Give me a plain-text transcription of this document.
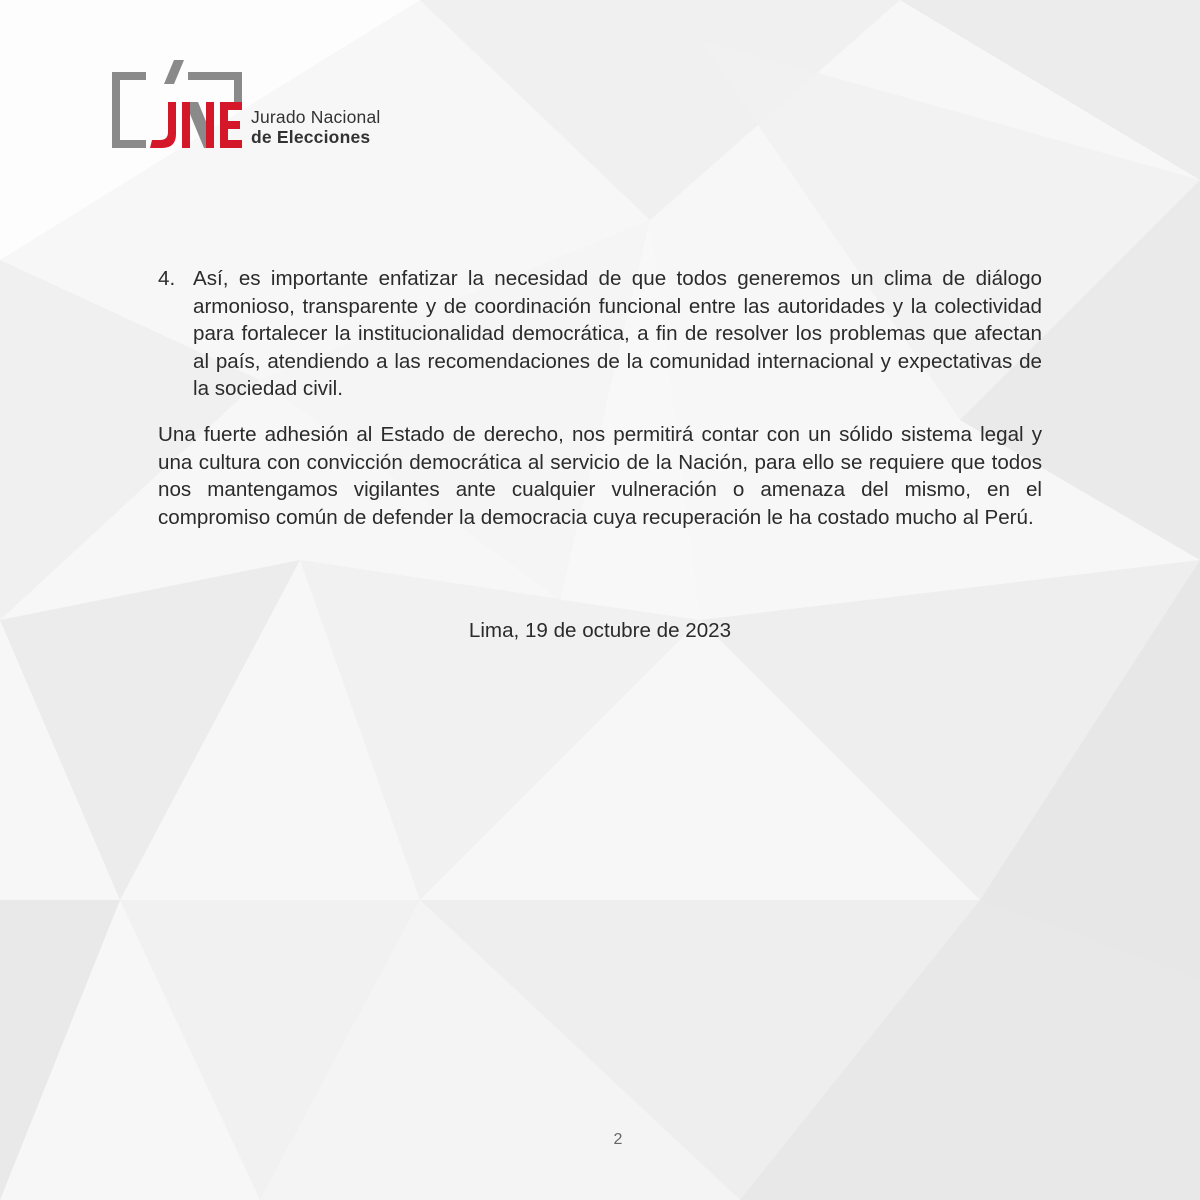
Jurado Nacional
de Elecciones
4. Así, es importante enfatizar la necesidad de que todos generemos un clima de diálogo armonioso, transparente y de coordinación funcional entre las autoridades y la colectividad para fortalecer la institucionalidad democrática, a fin de resolver los problemas que afectan al país, atendiendo a las recomendaciones de la comunidad internacional y expectativas de la sociedad civil.

Una fuerte adhesión al Estado de derecho, nos permitirá contar con un sólido sistema legal y una cultura con convicción democrática al servicio de la Nación, para ello se requiere que todos nos mantengamos vigilantes ante cualquier vulneración o amenaza del mismo, en el compromiso común de defender la democracia cuya recuperación le ha costado mucho al Perú.

Lima, 19 de octubre de 2023
2
